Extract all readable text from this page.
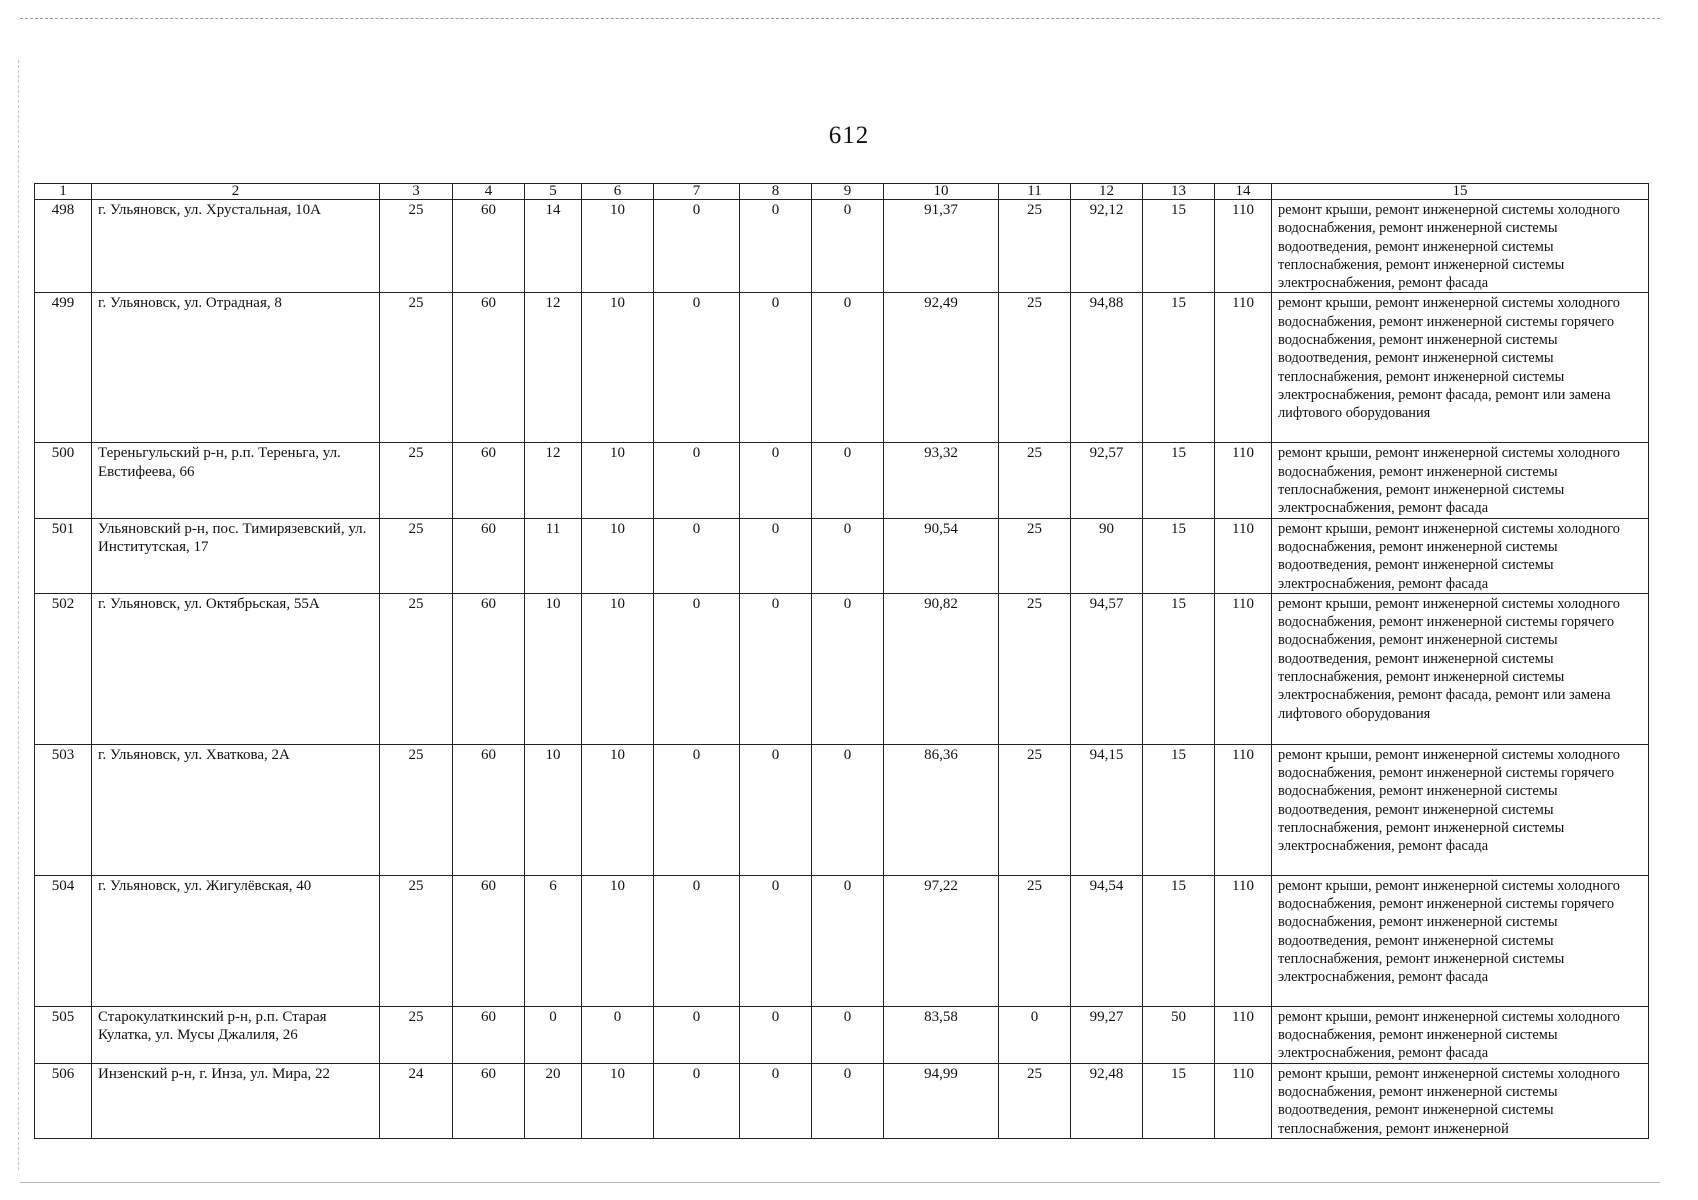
612
1	2	3	4	5	6	7	8	9	10	11	12	13	14	15
498	г. Ульяновск, ул. Хрустальная, 10А	25	60	14	10	0	0	0	91,37	25	92,12	15	110	ремонт крыши, ремонт инженерной системы холодного водоснабжения, ремонт инженерной системы водоотведения, ремонт инженерной системы теплоснабжения, ремонт инженерной системы электроснабжения, ремонт фасада
499	г. Ульяновск, ул. Отрадная, 8	25	60	12	10	0	0	0	92,49	25	94,88	15	110	ремонт крыши, ремонт инженерной системы холодного водоснабжения, ремонт инженерной системы горячего водоснабжения, ремонт инженерной системы водоотведения, ремонт инженерной системы теплоснабжения, ремонт инженерной системы электроснабжения, ремонт фасада, ремонт или замена лифтового оборудования
500	Тереньгульский р-н, р.п. Тереньга, ул. Евстифеева, 66	25	60	12	10	0	0	0	93,32	25	92,57	15	110	ремонт крыши, ремонт инженерной системы холодного водоснабжения, ремонт инженерной системы теплоснабжения, ремонт инженерной системы электроснабжения, ремонт фасада
501	Ульяновский р-н, пос. Тимирязевский, ул. Институтская, 17	25	60	11	10	0	0	0	90,54	25	90	15	110	ремонт крыши, ремонт инженерной системы холодного водоснабжения, ремонт инженерной системы водоотведения, ремонт инженерной системы электроснабжения, ремонт фасада
502	г. Ульяновск, ул. Октябрьская, 55А	25	60	10	10	0	0	0	90,82	25	94,57	15	110	ремонт крыши, ремонт инженерной системы холодного водоснабжения, ремонт инженерной системы горячего водоснабжения, ремонт инженерной системы водоотведения, ремонт инженерной системы теплоснабжения, ремонт инженерной системы электроснабжения, ремонт фасада, ремонт или замена лифтового оборудования
503	г. Ульяновск, ул. Хваткова, 2А	25	60	10	10	0	0	0	86,36	25	94,15	15	110	ремонт крыши, ремонт инженерной системы холодного водоснабжения, ремонт инженерной системы горячего водоснабжения, ремонт инженерной системы водоотведения, ремонт инженерной системы теплоснабжения, ремонт инженерной системы электроснабжения, ремонт фасада
504	г. Ульяновск, ул. Жигулёвская, 40	25	60	6	10	0	0	0	97,22	25	94,54	15	110	ремонт крыши, ремонт инженерной системы холодного водоснабжения, ремонт инженерной системы горячего водоснабжения, ремонт инженерной системы водоотведения, ремонт инженерной системы теплоснабжения, ремонт инженерной системы электроснабжения, ремонт фасада
505	Старокулаткинский р-н, р.п. Старая Кулатка, ул. Мусы Джалиля, 26	25	60	0	0	0	0	0	83,58	0	99,27	50	110	ремонт крыши, ремонт инженерной системы холодного водоснабжения, ремонт инженерной системы электроснабжения, ремонт фасада
506	Инзенский р-н, г. Инза, ул. Мира, 22	24	60	20	10	0	0	0	94,99	25	92,48	15	110	ремонт крыши, ремонт инженерной системы холодного водоснабжения, ремонт инженерной системы водоотведения, ремонт инженерной системы теплоснабжения, ремонт инженерной
